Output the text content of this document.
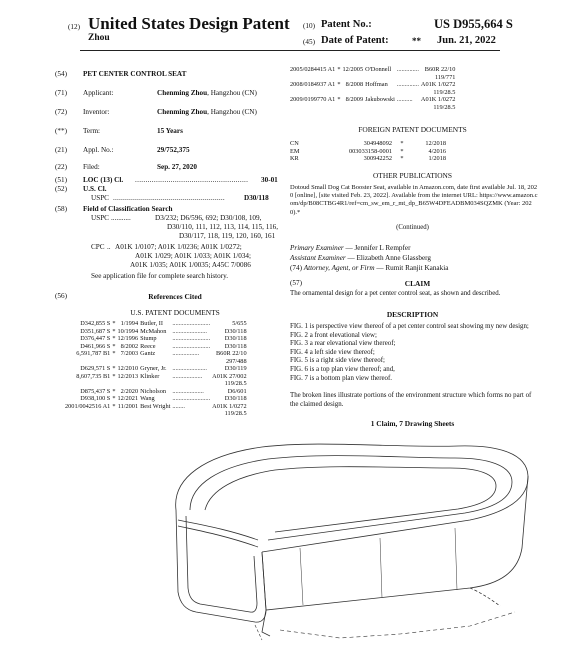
(12) United States Design Patent
Zhou
(10) Patent No.:	US D955,664 S
(45) Date of Patent:	** Jun. 21, 2022
(54)	PET CENTER CONTROL SEAT
(71)	Applicant:	Chenming Zhou, Hangzhou (CN)
(72)	Inventor:	Chenming Zhou, Hangzhou (CN)
(**)	Term:	15 Years
(21)	Appl. No.:	29/752,375
(22)	Filed:	Sep. 27, 2020
(51)	LOC (13) Cl. ...................................................... 30-01
(52)	U.S. Cl.
USPC ........................................................	D30/118
(58)	Field of Classification Search
USPC ...........	D3/232; D6/596, 692; D30/108, 109,
D30/110, 111, 112, 113, 114, 115, 116,
D30/117, 118, 119, 120, 160, 161
CPC .. A01K 1/0107; A01K 1/0236; A01K 1/0272;
A01K 1/029; A01K 1/033; A01K 1/034;
A01K 1/035; A01K 1/0035; A45C 7/0086
See application file for complete search history.
(56)	References Cited
U.S. PATENT DOCUMENTS
D342,855 S	*	1/1994	Butler, II	........................	5/655
D351,687 S	*	10/1994	McMahon	......................	D30/118
D376,447 S	*	12/1996	Stump	........................	D30/118
D461,966 S	*	8/2002	Reece	........................	D30/118
6,591,787 B1	*	7/2003	Gantz	.................	B60R 22/10
297/488					
D629,571 S	*	12/2010	Gryner, Jr.	......................	D30/119
8,607,735 B1	*	12/2013	Klinker	...................	A01K 27/002
119/28.5					
D875,437 S	*	2/2020	Nicholson	....................	D6/601
D938,100 S	*	12/2021	Wang	........................	D30/118
2001/0042516 A1	*	11/2001	Best Wright	........	A01K 1/0272
119/28.5					
2005/0284415 A1	*	12/2005	O'Donnell	..............	B60R 22/10
119/771					
2008/0184937 A1	*	8/2008	Hoffman	..............	A01K 1/0272
119/28.5					
2009/0199770 A1	*	8/2009	Jakubowski	..........	A01K 1/0272
119/28.5					
FOREIGN PATENT DOCUMENTS
CN	304948092	*	12/2018
EM	003033158-0001	*	4/2016
KR	300942252	*	1/2018
OTHER PUBLICATIONS
Dotoud Small Dog Cat Booster Seat, available in Amazon.com, date first available Jul. 18, 2020 [online], [site visited Feb. 23, 2022]. Available from the internet URL: https://www.amazon.com/dp/B08CTBG4R1/ref=cm_sw_em_r_mt_dp_B65W4DFEADBM034SQZMK (Year: 2020).*
(Continued)
Primary Examiner — Jennifer L Rempfer
Assistant Examiner — Elizabeth Anne Glassberg
(74) Attorney, Agent, or Firm — Rumit Ranjit Kanakia
(57)	CLAIM
The ornamental design for a pet center control seat, as shown and described.
DESCRIPTION
FIG. 1 is perspective view thereof of a pet center control seat showing my new design;
FIG. 2 a front elevational view;
FIG. 3 a rear elevational view thereof;
FIG. 4 a left side view thereof;
FIG. 5 is a right side view thereof;
FIG. 6 is a top plan view thereof; and,
FIG. 7 is a bottom plan view thereof.
The broken lines illustrate portions of the environment structure which forms no part of the claimed design.
1 Claim, 7 Drawing Sheets
